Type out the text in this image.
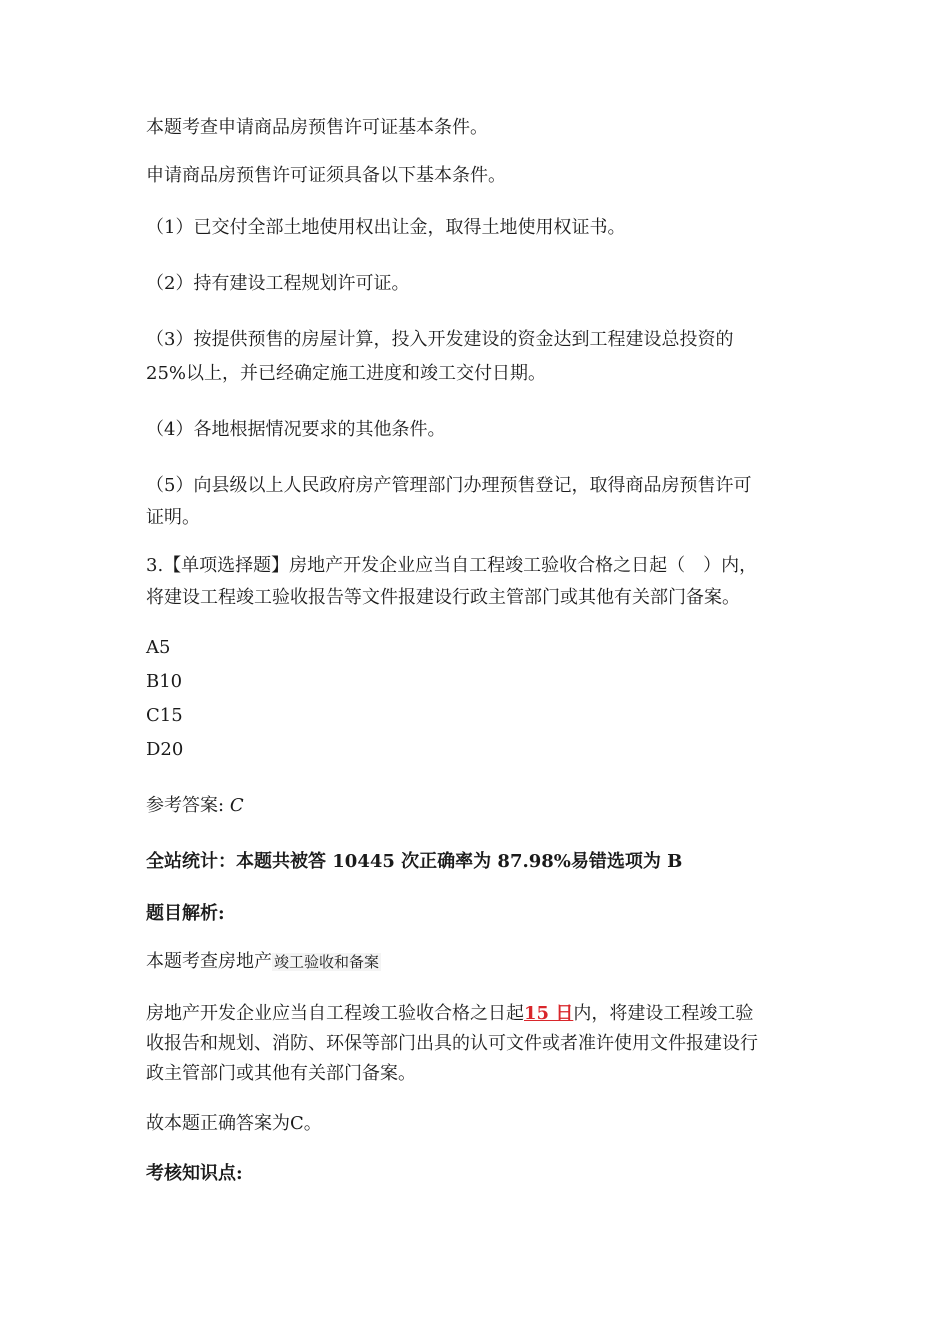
本题考查申请商品房预售许可证基本条件。
申请商品房预售许可证须具备以下基本条件。
（1）已交付全部土地使用权出让金，取得土地使用权证书。
（2）持有建设工程规划许可证。
（3）按提供预售的房屋计算，投入开发建设的资金达到工程建设总投资的
25%以上，并已经确定施工进度和竣工交付日期。
（4）各地根据情况要求的其他条件。
（5）向县级以上人民政府房产管理部门办理预售登记，取得商品房预售许可
证明。
3.【单项选择题】房地产开发企业应当自工程竣工验收合格之日起（　）内，
将建设工程竣工验收报告等文件报建设行政主管部门或其他有关部门备案。
A5
B10
C15
D20
参考答案: C
全站统计：本题共被答 10445 次正确率为 87.98%易错选项为 B
题目解析:
本题考查房地产 竣工验收和备案
房地产开发企业应当自工程竣工验收合格之日起15 日内，将建设工程竣工验
收报告和规划、消防、环保等部门出具的认可文件或者准许使用文件报建设行
政主管部门或其他有关部门备案。
故本题正确答案为C。
考核知识点:
